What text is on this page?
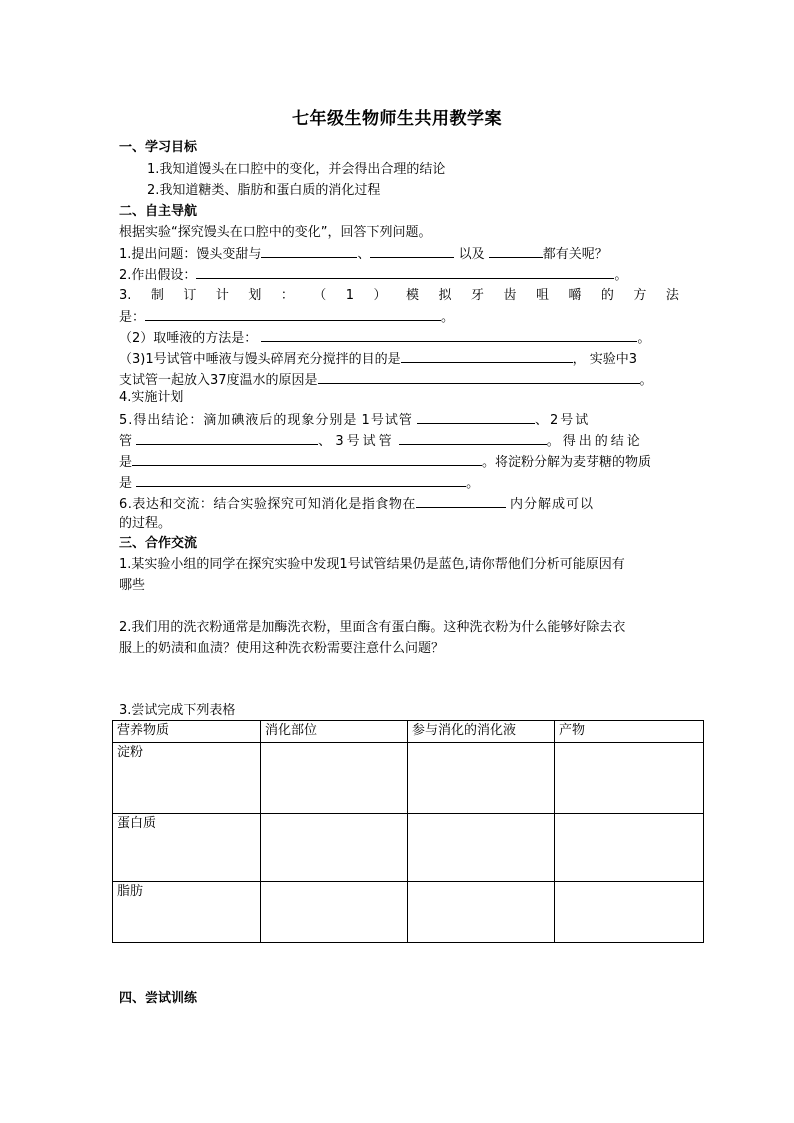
七年级生物师生共用教学案
一、学习目标
1.我知道馒头在口腔中的变化，并会得出合理的结论
2.我知道糖类、脂肪和蛋白质的消化过程
二、自主导航
根据实验“探究馒头在口腔中的变化”，回答下列问题。
1.提出问题：馒头变甜与	、	以及	都有关呢？
2.作出假设：	。
3. 制 订 计 划 ： （ 1 ） 模 拟 牙 齿 咀 嚼 的 方 法
是：	。
（2）取唾液的方法是：	。
（3)1号试管中唾液与馒头碎屑充分搅拌的目的是	， 实验中3
支试管一起放入37度温水的原因是	。
4.实施计划
5.得出结论：滴加碘液后的现象分别是 1号试管	、2号试
管	、 3号试管	。得出的结论
是	。将淀粉分解为麦芽糖的物质
是	。
6.表达和交流：结合实验探究可知消化是指食物在	内分解成可以
的过程。
三、合作交流
1.某实验小组的同学在探究实验中发现1号试管结果仍是蓝色,请你帮他们分析可能原因有
哪些
2.我们用的洗衣粉通常是加酶洗衣粉，里面含有蛋白酶。这种洗衣粉为什么能够好除去衣
服上的奶渍和血渍？使用这种洗衣粉需要注意什么问题？
3.尝试完成下列表格
营养物质	消化部位	参与消化的消化液	产物
淀粉			
蛋白质			
脂肪			
四、尝试训练
